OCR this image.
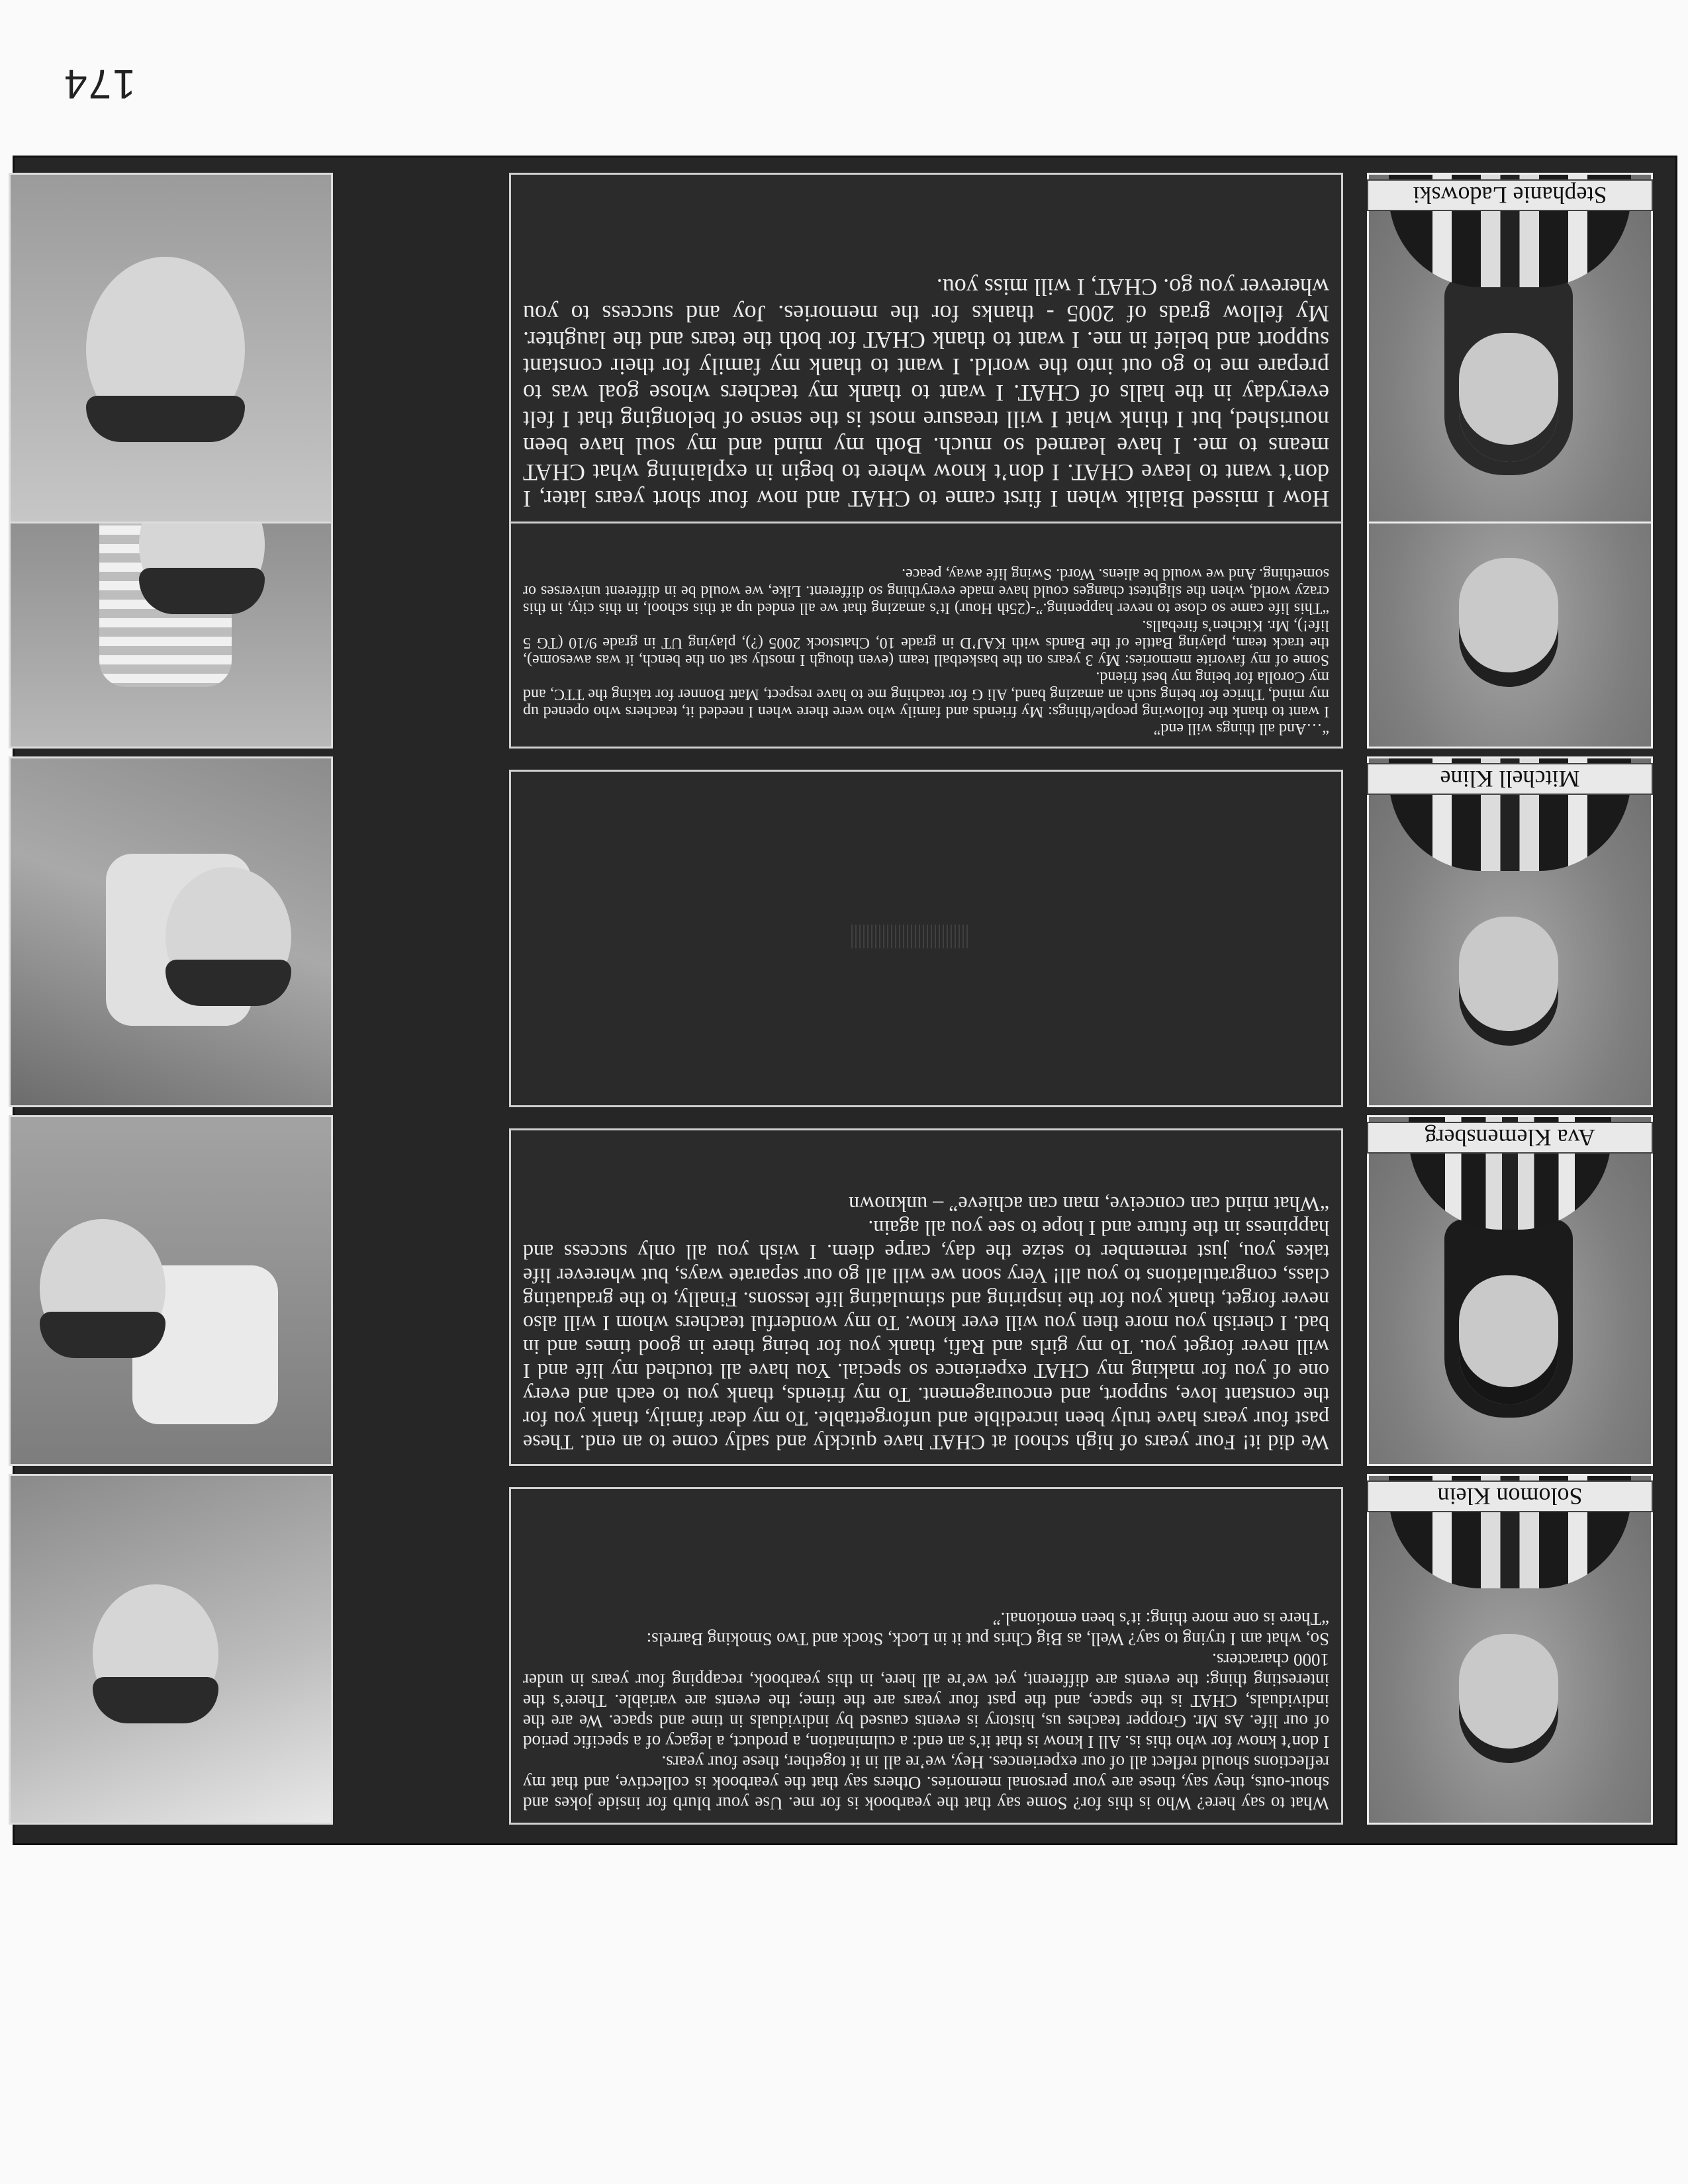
174
Solomon Klein

What to say here? Who is this for? Some say that the yearbook is for me. Use your blurb for inside jokes and shout-outs, they say, these are your personal memories. Others say that the yearbook is collective, and that my reflections should reflect all of our experiences. Hey, we’re all in it together, these four years.
I don’t know for who this is. All I know is that it’s an end: a culmination, a product, a legacy of a specific period of our life. As Mr. Gropper teaches us, history is events caused by individuals in time and space. We are the individuals, CHAT is the space, and the past four years are the time; the events are variable. There’s the interesting thing: the events are different, yet we’re all here, in this yearbook, recapping four years in under 1000 characters.
So, what am I trying to say? Well, as Big Chris put it in Lock, Stock and Two Smoking Barrels:
“There is one more thing: it’s been emotional.”

Ava Klemensberg

We did it! Four years of high school at CHAT have quickly and sadly come to an end. These past four years have truly been incredible and unforgettable. To my dear family, thank you for the constant love, support, and encouragement. To my friends, thank you to each and every one of you for making my CHAT experience so special. You have all touched my life and I will never forget you. To my girls and Rafi, thank you for being there in good times and in bad. I cherish you more then you will ever know. To my wonderful teachers whom I will also never forget, thank you for the inspiring and stimulating life lessons. Finally, to the graduating class, congratulations to you all! Very soon we will all go our separate ways, but wherever life takes you, just remember to seize the day, carpe diem. I wish you all only success and happiness in the future and I hope to see you all again.
“What mind can conceive, man can achieve” – unknown

Mitchell Kline

“…And all things will end”
I want to thank the following people/things: My friends and family who were there when I needed it, teachers who opened up my mind, Thrice for being such an amazing band, Ali G for teaching me to have respect, Matt Bonner for taking the TTC, and my Corolla for being my best friend.
Some of my favorite memories: My 3 years on the basketball team (even though I mostly sat on the bench, it was awesome), the track team, playing Battle of the Bands with KAJ’D in grade 10, Chatstock 2005 (?), playing UT in grade 9/10 (TG 5 life!), Mr. Kitchen’s fireballs.
“This life came so close to never happening.”-(25th Hour) It’s amazing that we all ended up at this school, in this city, in this crazy world, when the slightest changes could have made everything so different. Like, we would be in different universes or something. And we would be aliens. Word. Swing life away, peace.

Stephanie Ladowski

How I missed Bialik when I first came to CHAT and now four short years later, I don’t want to leave CHAT. I don’t know where to begin in explaining what CHAT means to me. I have learned so much. Both my mind and my soul have been nourished, but I think what I will treasure most is the sense of belonging that I felt everyday in the halls of CHAT. I want to thank my teachers whose goal was to prepare me to go out into the world. I want to thank my family for their constant support and belief in me. I want to thank CHAT for both the tears and the laughter. My fellow grads of 2005 - thanks for the memories. Joy and success to you wherever you go. CHAT, I will miss you.
